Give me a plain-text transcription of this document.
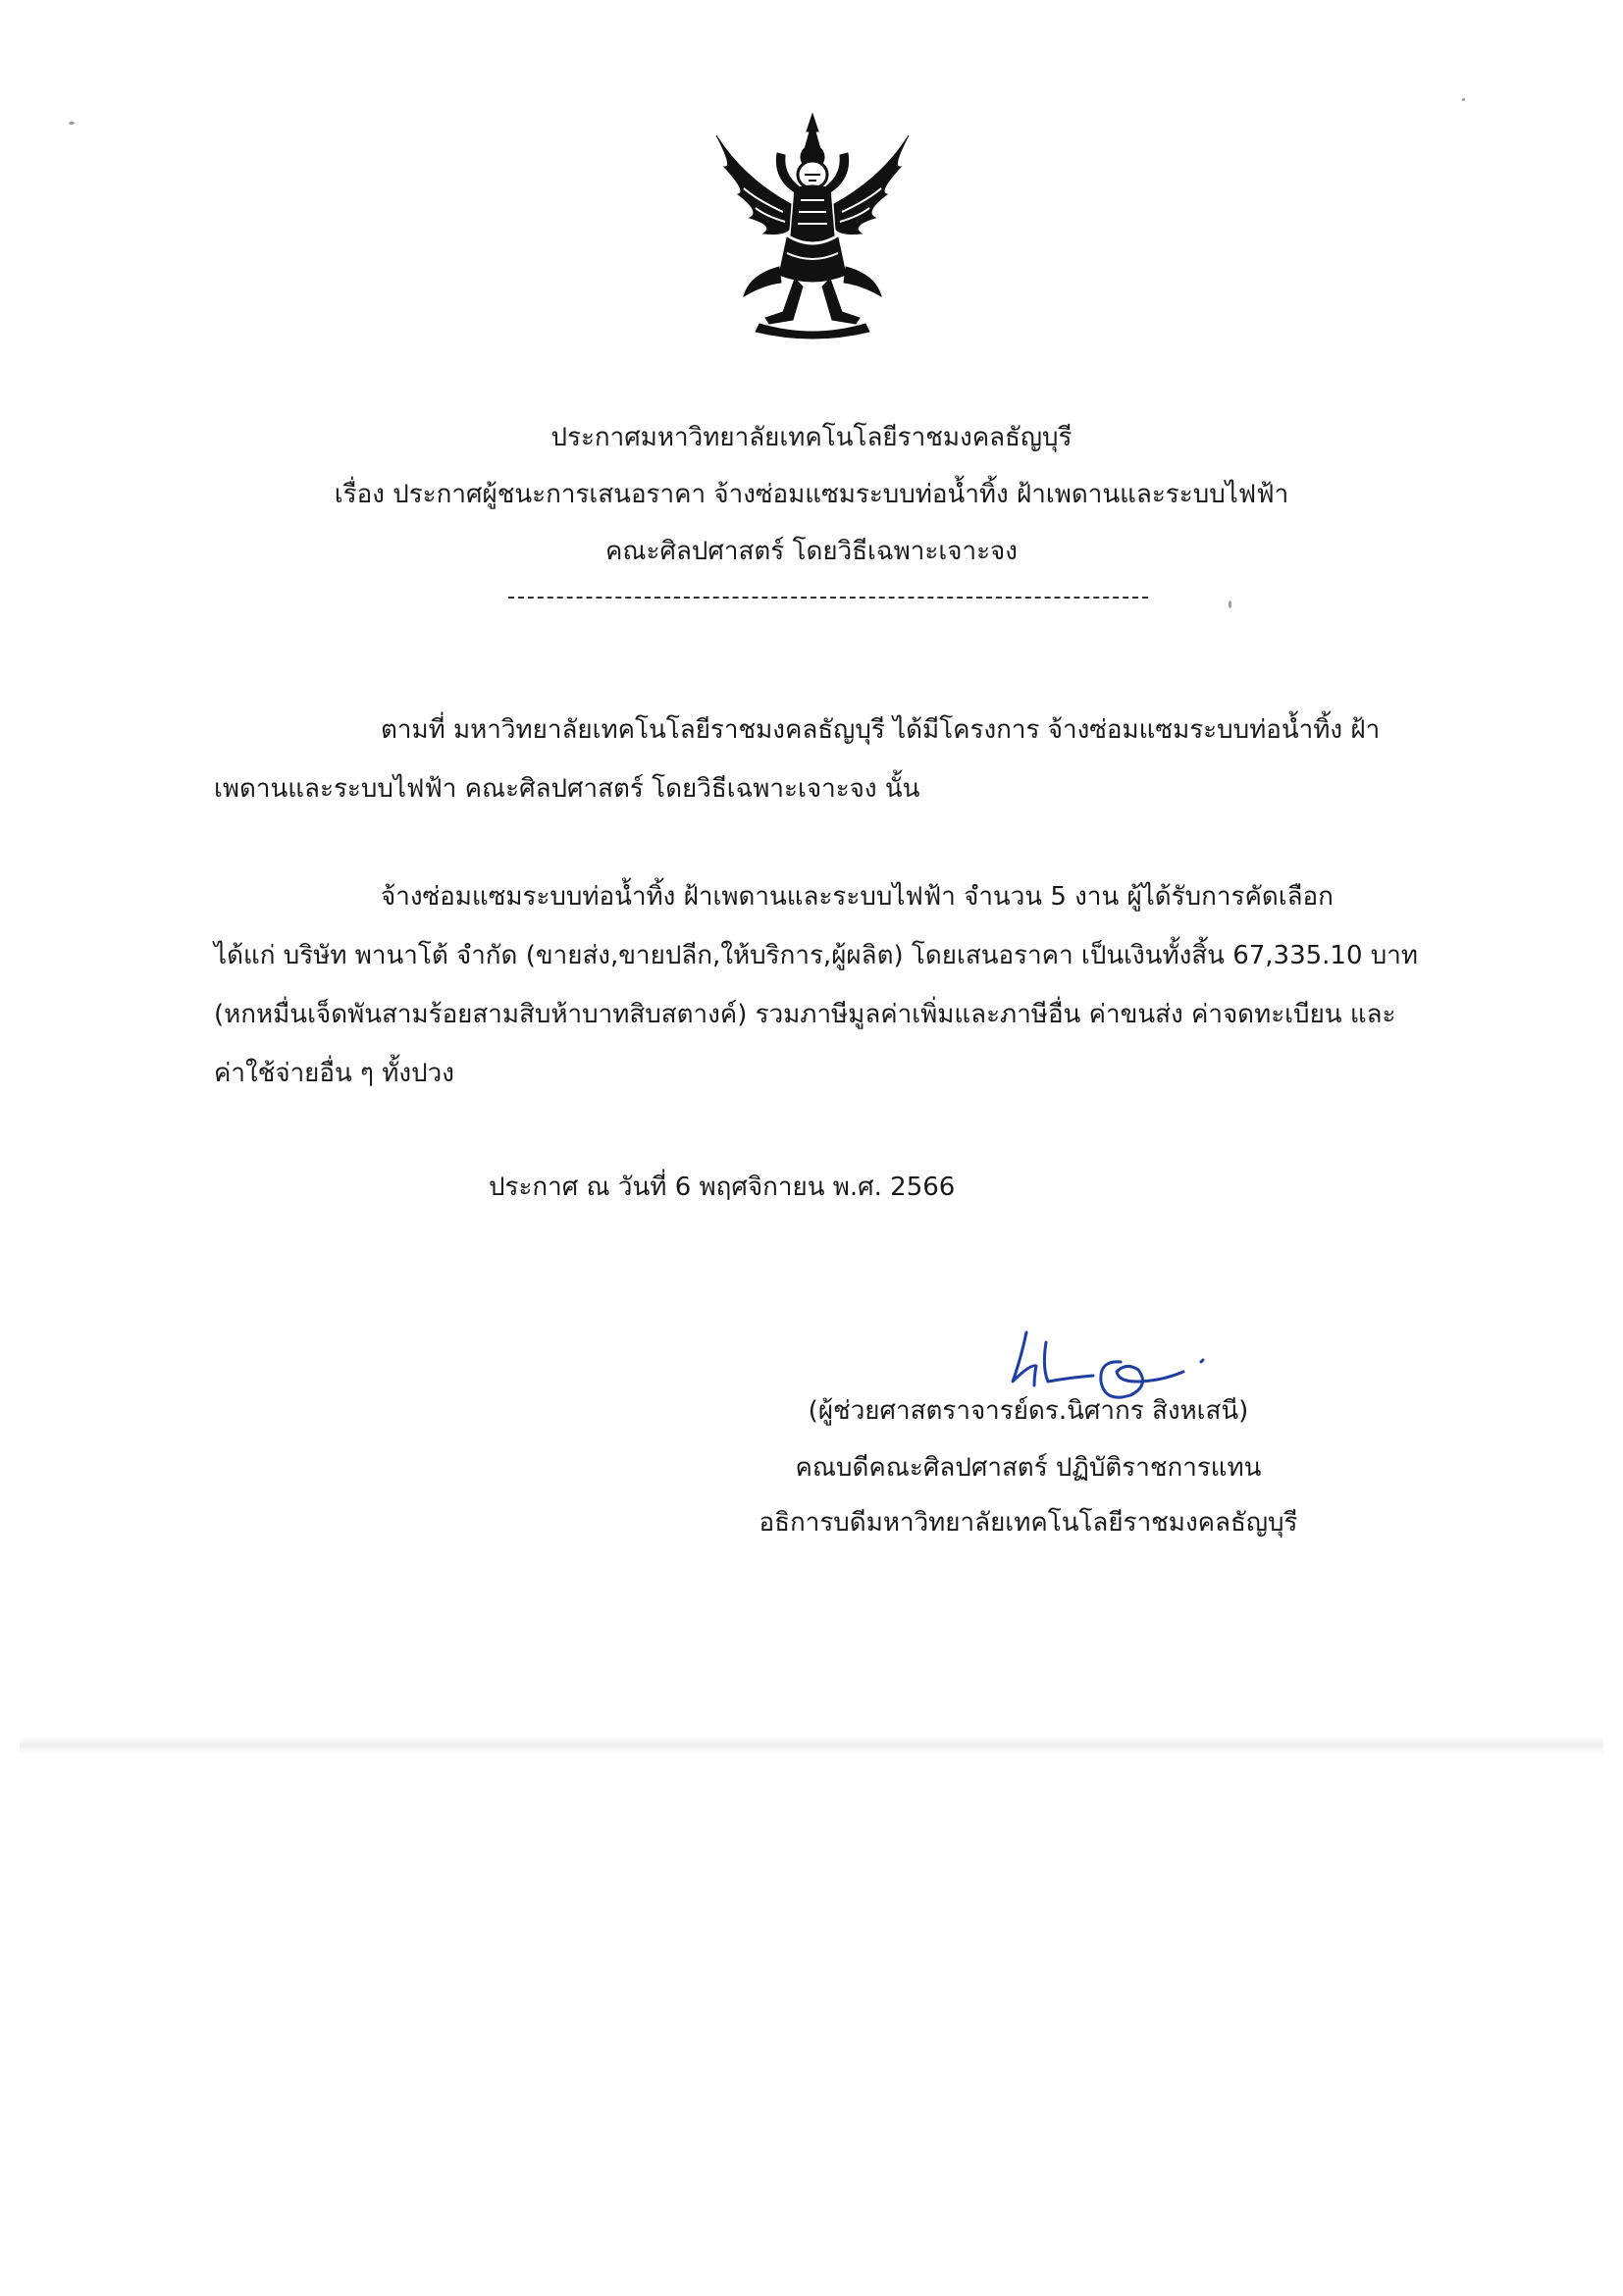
ประกาศมหาวิทยาลัยเทคโนโลยีราชมงคลธัญบุรี
เรื่อง ประกาศผู้ชนะการเสนอราคา จ้างซ่อมแซมระบบท่อน้ำทิ้ง ฝ้าเพดานและระบบไฟฟ้า
คณะศิลปศาสตร์ โดยวิธีเฉพาะเจาะจง
ตามที่ มหาวิทยาลัยเทคโนโลยีราชมงคลธัญบุรี ได้มีโครงการ จ้างซ่อมแซมระบบท่อน้ำทิ้ง ฝ้า
เพดานและระบบไฟฟ้า คณะศิลปศาสตร์ โดยวิธีเฉพาะเจาะจง นั้น
จ้างซ่อมแซมระบบท่อน้ำทิ้ง ฝ้าเพดานและระบบไฟฟ้า จำนวน 5 งาน ผู้ได้รับการคัดเลือก
ได้แก่ บริษัท พานาโต้ จำกัด (ขายส่ง,ขายปลีก,ให้บริการ,ผู้ผลิต) โดยเสนอราคา เป็นเงินทั้งสิ้น 67,335.10 บาท
(หกหมื่นเจ็ดพันสามร้อยสามสิบห้าบาทสิบสตางค์) รวมภาษีมูลค่าเพิ่มและภาษีอื่น ค่าขนส่ง ค่าจดทะเบียน และ
ค่าใช้จ่ายอื่น ๆ ทั้งปวง
ประกาศ ณ วันที่ 6 พฤศจิกายน พ.ศ. 2566
(ผู้ช่วยศาสตราจารย์ดร.นิศากร สิงหเสนี)
คณบดีคณะศิลปศาสตร์ ปฏิบัติราชการแทน
อธิการบดีมหาวิทยาลัยเทคโนโลยีราชมงคลธัญบุรี
